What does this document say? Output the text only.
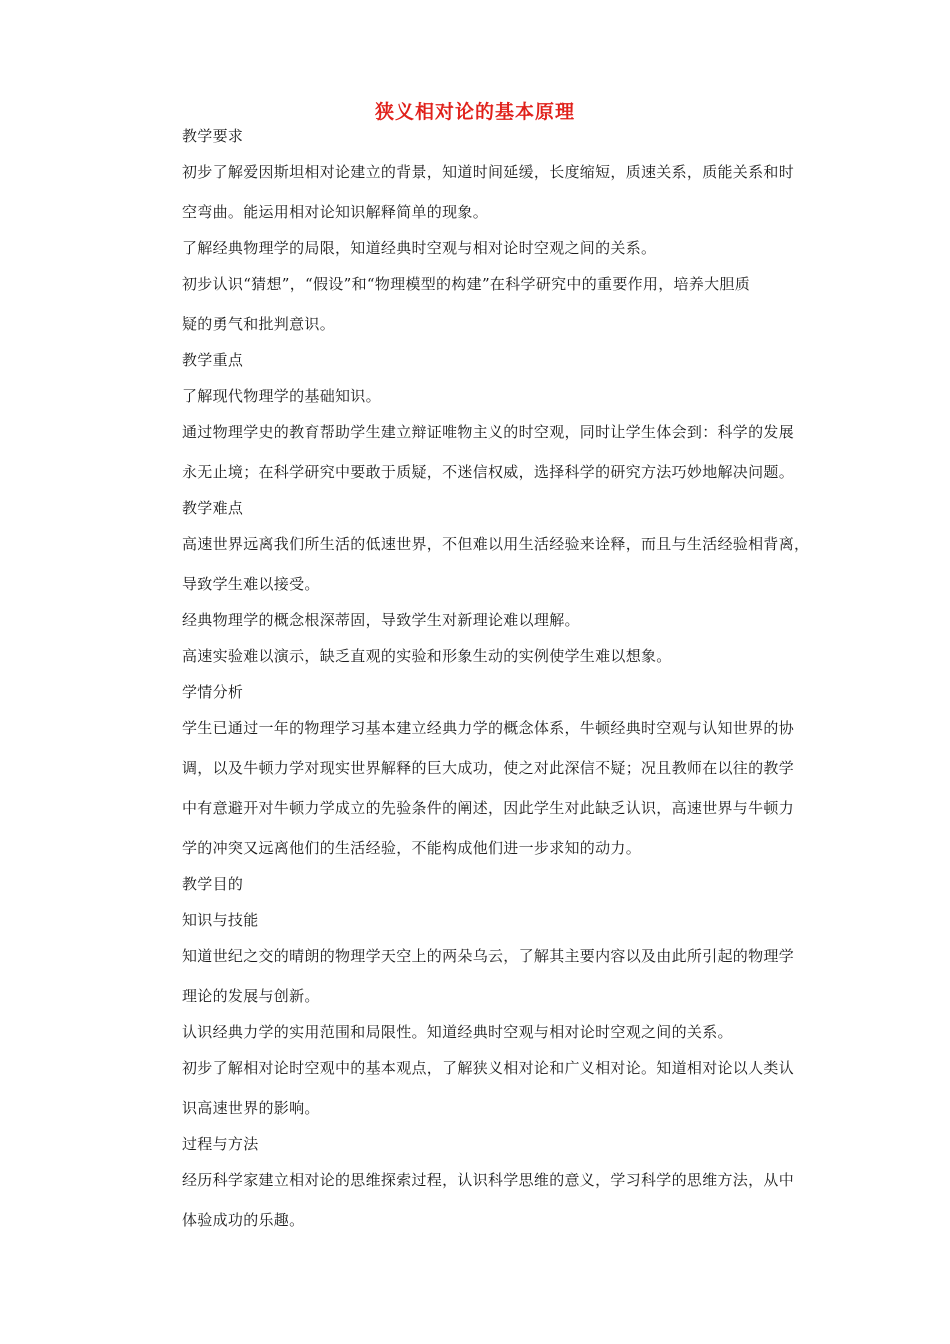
狭义相对论的基本原理
教学要求
初步了解爱因斯坦相对论建立的背景，知道时间延缓，长度缩短，质速关系，质能关系和时
空弯曲。能运用相对论知识解释简单的现象。
了解经典物理学的局限，知道经典时空观与相对论时空观之间的关系。
初步认识“猜想”，“假设”和“物理模型的构建”在科学研究中的重要作用，培养大胆质
疑的勇气和批判意识。
教学重点
了解现代物理学的基础知识。
通过物理学史的教育帮助学生建立辩证唯物主义的时空观，同时让学生体会到：科学的发展
永无止境；在科学研究中要敢于质疑，不迷信权威，选择科学的研究方法巧妙地解决问题。
教学难点
高速世界远离我们所生活的低速世界，不但难以用生活经验来诠释，而且与生活经验相背离，
导致学生难以接受。
经典物理学的概念根深蒂固，导致学生对新理论难以理解。
高速实验难以演示，缺乏直观的实验和形象生动的实例使学生难以想象。
学情分析
学生已通过一年的物理学习基本建立经典力学的概念体系，牛顿经典时空观与认知世界的协
调，以及牛顿力学对现实世界解释的巨大成功，使之对此深信不疑；况且教师在以往的教学
中有意避开对牛顿力学成立的先验条件的阐述，因此学生对此缺乏认识，高速世界与牛顿力
学的冲突又远离他们的生活经验，不能构成他们进一步求知的动力。
教学目的
知识与技能
知道世纪之交的晴朗的物理学天空上的两朵乌云，了解其主要内容以及由此所引起的物理学
理论的发展与创新。
认识经典力学的实用范围和局限性。知道经典时空观与相对论时空观之间的关系。
初步了解相对论时空观中的基本观点，了解狭义相对论和广义相对论。知道相对论以人类认
识高速世界的影响。
过程与方法
经历科学家建立相对论的思维探索过程，认识科学思维的意义，学习科学的思维方法，从中
体验成功的乐趣。
